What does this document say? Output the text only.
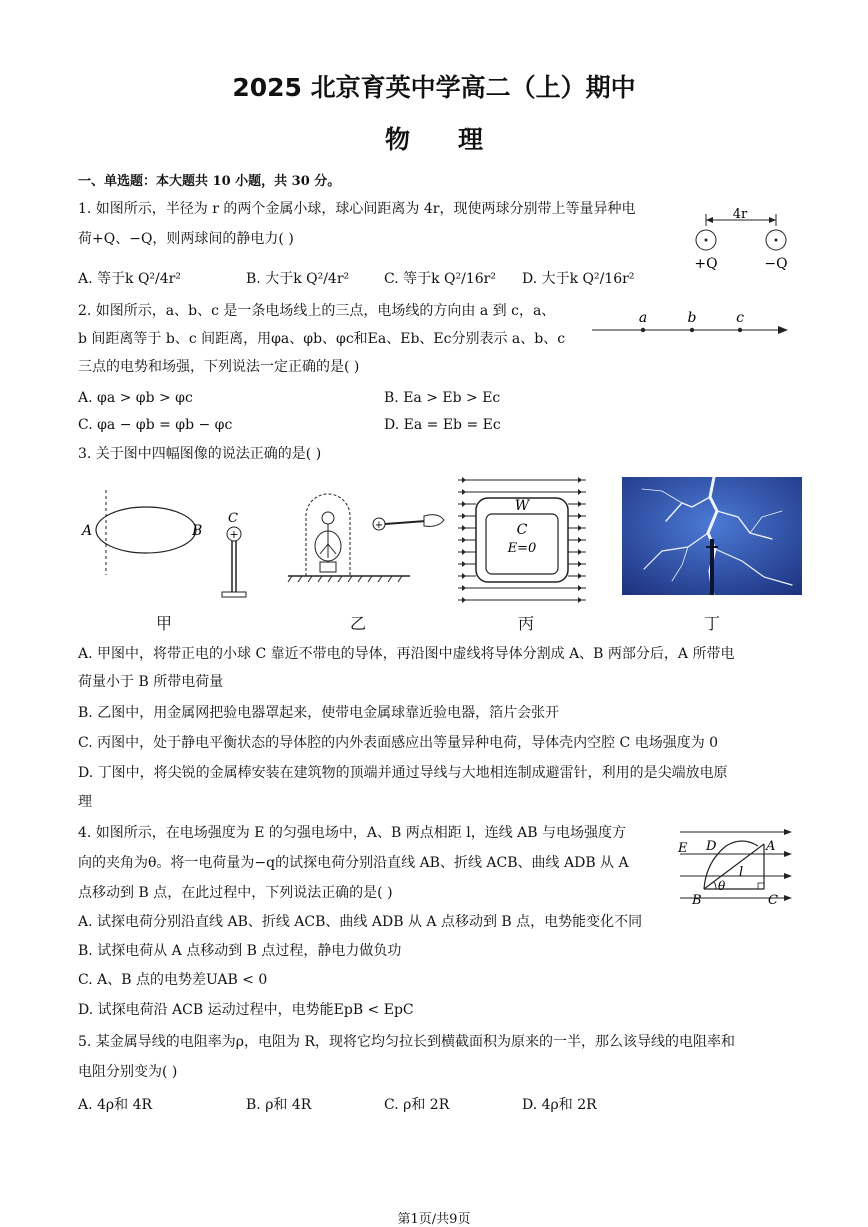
2025 北京育英中学高二（上）期中
物理
一、单选题：本大题共 10 小题，共 30 分。
1. 如图所示，半径为 r 的两个金属小球，球心间距离为 4r，现使两球分别带上等量异种电
荷+Q、−Q，则两球间的静电力( )
A. 等于k Q²/4r²	B. 大于k Q²/4r² C. 等于k Q²/16r² D. 大于k Q²/16r²
4r
+Q	−Q
2. 如图所示，a、b、c 是一条电场线上的三点，电场线的方向由 a 到 c，a、
b 间距离等于 b、c 间距离，用φa、φb、φc和Ea、Eb、Ec分别表示 a、b、c
三点的电势和场强，下列说法一定正确的是( )
A. φa > φb > φc	B. Ea > Eb > Ec
C. φa − φb = φb − φc	D. Ea = Eb = Ec
a	b	c
3. 关于图中四幅图像的说法正确的是( )
A	B
C
+
+
W
C
E=0
甲	乙	丙	丁
A. 甲图中，将带正电的小球 C 靠近不带电的导体，再沿图中虚线将导体分割成 A、B 两部分后，A 所带电
荷量小于 B 所带电荷量
B. 乙图中，用金属网把验电器罩起来，使带电金属球靠近验电器，箔片会张开
C. 丙图中，处于静电平衡状态的导体腔的内外表面感应出等量异种电荷，导体壳内空腔 C 电场强度为 0
D. 丁图中，将尖锐的金属棒安装在建筑物的顶端并通过导线与大地相连制成避雷针，利用的是尖端放电原
理
4. 如图所示，在电场强度为 E 的匀强电场中，A、B 两点相距 l，连线 AB 与电场强度方
向的夹角为θ。将一电荷量为−q的试探电荷分别沿直线 AB、折线 ACB、曲线 ADB 从 A
点移动到 B 点，在此过程中，下列说法正确的是( )
A. 试探电荷分别沿直线 AB、折线 ACB、曲线 ADB 从 A 点移动到 B 点，电势能变化不同
B. 试探电荷从 A 点移动到 B 点过程，静电力做负功
C. A、B 点的电势差UAB < 0
D. 试探电荷沿 ACB 运动过程中，电势能EpB < EpC
E D	A
l
θ
B	C
5. 某金属导线的电阻率为ρ，电阻为 R，现将它均匀拉长到横截面积为原来的一半，那么该导线的电阻率和
电阻分别变为( )
A. 4ρ和 4R	B. ρ和 4R	C. ρ和 2R	D. 4ρ和 2R
第1页/共9页
